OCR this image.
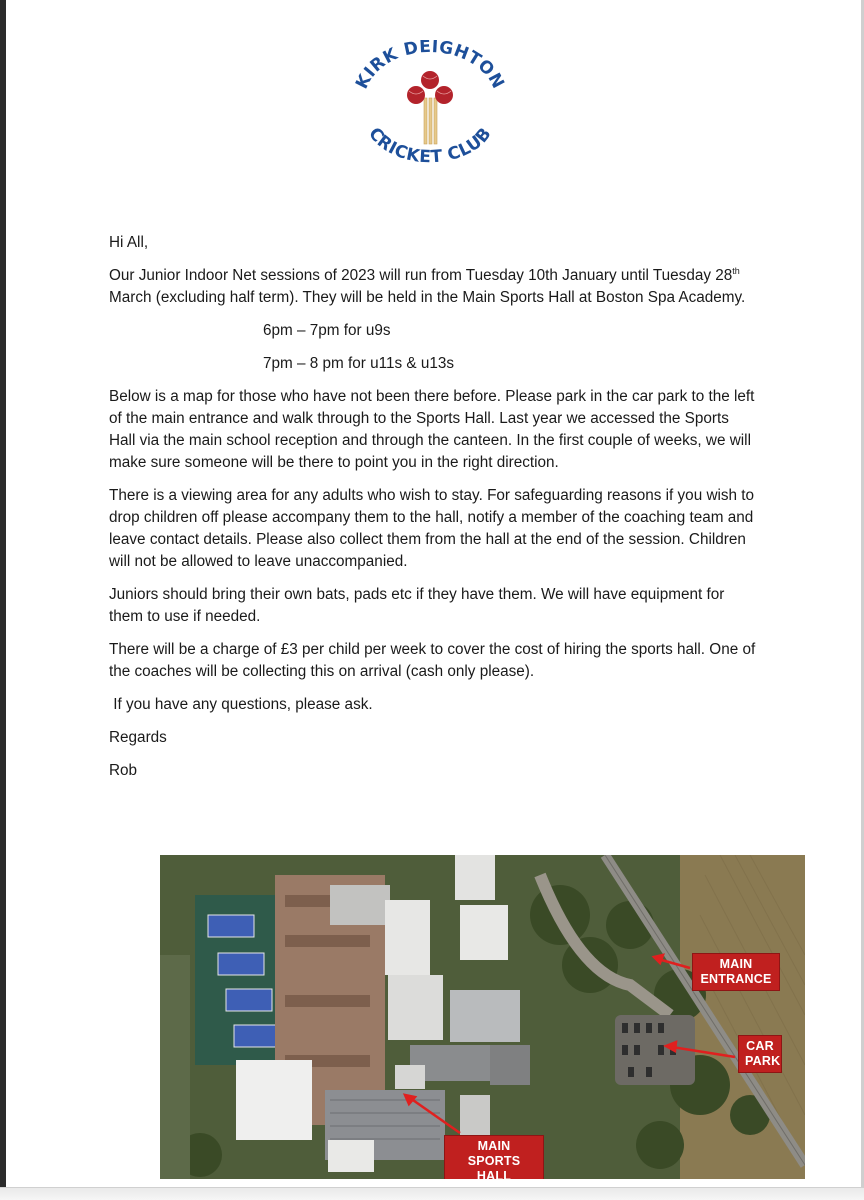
KIRK DEIGHTON
CRICKET CLUB

Hi All,

Our Junior Indoor Net sessions of 2023 will run from Tuesday 10th January until Tuesday 28th March (excluding half term). They will be held in the Main Sports Hall at Boston Spa Academy.

6pm – 7pm for u9s

7pm – 8 pm for u11s & u13s

Below is a map for those who have not been there before. Please park in the car park to the left of the main entrance and walk through to the Sports Hall. Last year we accessed the Sports Hall via the main school reception and through the canteen. In the first couple of weeks, we will make sure someone will be there to point you in the right direction.

There is a viewing area for any adults who wish to stay. For safeguarding reasons if you wish to drop children off please accompany them to the hall, notify a member of the coaching team and leave contact details. Please also collect them from the hall at the end of the session. Children will not be allowed to leave unaccompanied.

Juniors should bring their own bats, pads etc if they have them. We will have equipment for them to use if needed.

There will be a charge of £3 per child per week to cover the cost of hiring the sports hall. One of the coaches will be collecting this on arrival (cash only please).

If you have any questions, please ask.

Regards

Rob

MAIN
ENTRANCE
CAR
PARK
MAIN SPORTS
HALL
